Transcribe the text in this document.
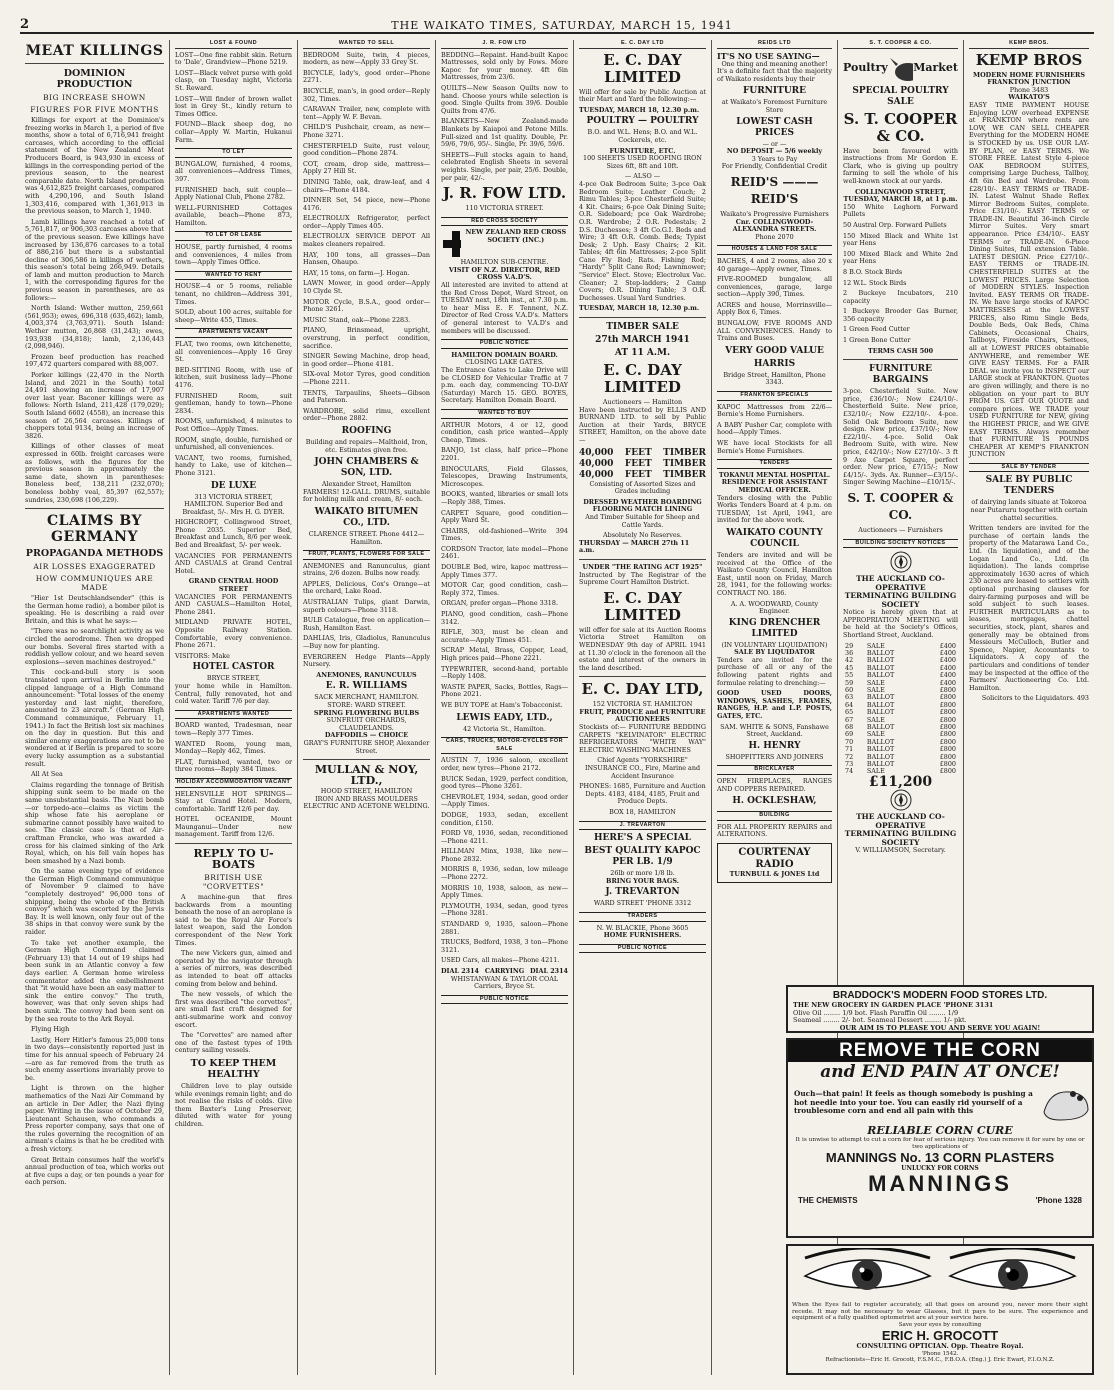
2	THE WAIKATO TIMES, SATURDAY, MARCH 15, 1941
MEAT KILLINGS
DOMINION PRODUCTION
BIG INCREASE SHOWN
FIGURES FOR FIVE MONTHS
Killings for export at the Dominion's freezing works in March 1, a period of five months, show a total of 6,716,941 freight carcases, which according to the official statement of the New Zealand Meat Producers Board, is 943,930 in excess of killings in the corresponding period of the previous season, to the nearest comparable date. North Island production was 4,612,825 freight carcases, compared with 4,290,196, and South Island 1,303,416, compared with 1,361,913 in the previous season, to March 1, 1940.
Lamb killings have reached a total of 5,761,817, or 906,303 carcases above that of the previous season. Ewe killings have increased by 136,876 carcases to a total of 886,216 but there is a substantial decline of 306,586 in killings of wethers, this season's total being 266,949. Details of lamb and mutton production to March 1, with the corresponding figures for the previous season in parentheses, are as follows:—
North Island: Wether mutton, 259,661 (561,953); ewes, 696,318 (635,462); lamb, 4,003,374 (3,763,971). South Island: Wether mutton, 26,868 (31,243); ewes, 193,938 (34,818); lamb, 2,136,443 (2,098,946).
Frozen beef production has reached 197,472 quarters compared with 88,007.
Porker killings (22,470 in the North Island, and 2021 in the South) total 24,491 showing an increase of 17,907 over last year. Baconer killings were as follows: North Island, 211,428 (179,029); South Island 6602 (4558), an increase this season of 26,564 carcases. Killings of choppers total 9134, being an increase of 3826.
Killings of other classes of meat expressed in 60lb. freight carcases were as follows, with the figures for the previous season in approximately the same date, shown in parentheses: Boneless beef, 138,211 (232,070); boneless bobby veal, 85,397 (62,557); sundries, 230,698 (106,229).
CLAIMS BY GERMANY
PROPAGANDA METHODS
AIR LOSSES EXAGGERATED
HOW COMMUNIQUES ARE MADE
"Hier 1st Deutschlandsender" (this is the German home radio), a bomber pilot is speaking. He is describing a raid over Britain, and this is what he says:—
"There was no searchlight activity as we circled the aerodrome. Then we dropped our bombs. Several fires started with a reddish yellow colour, and we heard seven explosions—seven machines destroyed."
This cock-and-bull story is soon translated upon arrival in Berlin into the clipped language of a High Command announcement: "Total losses of the enemy yesterday and last night, therefore, amounted to 23 aircraft." (German High Command communique, February 11, 1941.) In fact the British lost six machines on the day in question. But this and similar enemy exaggerations are not to be wondered at if Berlin is prepared to score every lucky assumption as a substantial result.
All At Sea
Claims regarding the tonnage of British shipping sunk seem to be made on the same unsubstantial basis. The Nazi bomb—or torpedo-ace—claims as victim the ship whose fate his aeroplane or submarine cannot possibly have waited to see. The classic case is that of Air-craftman Francke, who was awarded a cross for his claimed sinking of the Ark Royal, which, on his fell vain hopes has been smashed by a Nazi bomb.
On the same evening type of evidence the German High Command communique of November 9 claimed to have "completely destroyed" 96,000 tons of shipping, being the whole of the British convoy" which was escorted by the Jervis Bay. It is well known, only four out of the 38 ships in that convoy were sunk by the raider.
To take yet another example, the German High Command claimed (February 13) that 14 out of 19 ships had been sunk in an Atlantic convoy a few days earlier. A German home wireless commentator added the embellishment that "it would have been an easy matter to sink the entire convoy." The truth, however, was that only seven ships had been sunk. The convoy had been sent on by the sea route to the Ark Royal.
Flying High
Lastly, Herr Hitler's famous 25,000 tons in two days—consistently reported just in time for his annual speech of February 24—are as far removed from the truth as such enemy assertions invariably prove to be.
Light is thrown on the higher mathematics of the Nazi Air Command by an article in Der Adler, the Nazi flying paper. Writing in the issue of October 29, Lieutenant Schausen, who commands a Press reporter company, says that one of the rules governing the recognition of an airman's claims is that he be credited with a fresh victory.
Great Britain consumes half the world's annual production of tea, which works out at five cups a day, or ten pounds a year for each person.
LOST & FOUND
LOST—One fine rabbit skin. Return to 'Dale', Grandview—Phone 5219.
LOST—Black velvet purse with gold clasp, on Tuesday night, Victoria St. Reward.
LOST—Will finder of brown wallet lost in Grey St., kindly return to Times Office.
FOUND—Black sheep dog, no collar—Apply W. Martin, Hukanui Farm.
TO LET
BUNGALOW, furnished, 4 rooms, all conveniences—Address Times, 397.
FURNISHED bach, suit couple—Apply National Club, Phone 2782.
WELL-FURNISHED Cottages available, beach—Phone 873, Hamilton.
TO LET OR LEASE
HOUSE, partly furnished, 4 rooms and conveniences, 4 miles from town—Apply Times Office.
WANTED TO RENT
HOUSE—4 or 5 rooms, reliable tenant, no children—Address 391, Times.
SOLD, about 100 acres, suitable for sheep—Write 455, Times.
APARTMENTS VACANT
FLAT, two rooms, own kitchenette, all conveniences—Apply 16 Grey St.
BED-SITTING Room, with use of kitchen, suit business lady—Phone 4176.
FURNISHED Room, suit gentleman, handy to town—Phone 2834.
ROOMS, unfurnished, 4 minutes to Post Office—Apply Times.
ROOM, single, double, furnished or unfurnished, all conveniences.
VACANT, two rooms, furnished, handy to Lake, use of kitchen—Phone 3121.
DE LUXE
313 VICTORIA STREET, HAMILTON. Superior Bed and Breakfast, 5/-. Mrs H. G. DYER.
HIGHCROFT, Collingwood Street, Phone 2035. Superior Bed, Breakfast and Lunch, 8/6 per week. Bed and Breakfast, 5/- per week.
VACANCIES FOR PERMANENTS AND CASUALS at Grand Central Hotel.
GRAND CENTRAL HOOD STREET
VACANCIES FOR PERMANENTS AND CASUALS—Hamilton Hotel, Phone 2841.
MIDLAND PRIVATE HOTEL, Opposite Railway Station. Comfortable, every convenience. Phone 2671.
VISITORS: Make
HOTEL CASTOR
BRYCE STREET,
your home while in Hamilton. Central, fully renovated, hot and cold water. Tariff 7/6 per day.
APARTMENTS WANTED
BOARD wanted, Tradesman, near town—Reply 377 Times.
WANTED Room, young man, Monday—Reply 462, Times.
FLAT, furnished, wanted, two or three rooms—Reply 384 Times.
HOLIDAY ACCOMMODATION VACANT
HELENSVILLE HOT SPRINGS—Stay at Grand Hotel. Modern, comfortable. Tariff 12/6 per day.
HOTEL OCEANIDE, Mount Maunganui—Under new management. Tariff from 12/6.
REPLY TO U-BOATS
BRITISH USE "CORVETTES"
A machine-gun that fires backwards from a mounting beneath the nose of an aeroplane is said to be the Royal Air Force's latest weapon, said the London correspondent of the New York Times.
The new Vickers gun, aimed and operated by the navigator through a series of mirrors, was described as intended to beat off attacks coming from below and behind.
The new vessels, of which the first was described "the corvettes", are small fast craft designed for anti-submarine work and convoy escort.
The "Corvettes" are named after one of the fastest types of 19th century sailing vessels.
TO KEEP THEM HEALTHY
Children love to play outside while evenings remain light; and do not realise the risks of colds. Give them Baxter's Lung Preserver, diluted with water for young children.
WANTED TO SELL
BEDROOM Suite, twin, 4 pieces, modern, as new—Apply 33 Grey St.
BICYCLE, lady's, good order—Phone 2271.
BICYCLE, man's, in good order—Reply 302, Times.
CARAVAN Trailer, new, complete with tent—Apply W. F. Bevan.
CHILD'S Pushchair, cream, as new—Phone 3271.
CHESTERFIELD Suite, rust velour, good condition—Phone 2874.
COT, cream, drop side, mattress—Apply 27 Hill St.
DINING Table, oak, draw-leaf, and 4 chairs—Phone 4184.
DINNER Set, 54 piece, new—Phone 4176.
ELECTROLUX Refrigerator, perfect order—Apply Times 405.
ELECTROLUX SERVICE DEPOT All makes cleaners repaired.
HAY, 100 tons, all grasses—Dan Hansen, Ohaupo.
HAY, 15 tons, on farm—J. Hogan.
LAWN Mower, in good order—Apply 10 Clyde St.
MOTOR Cycle, B.S.A., good order—Phone 3261.
MUSIC Stand, oak—Phone 2283.
PIANO, Brinsmead, upright, overstrung, in perfect condition, sacrifice.
SINGER Sewing Machine, drop head, in good order—Phone 4181.
SIX-oval Motor Tyres, good condition—Phone 2211.
TENTS, Tarpaulins, Sheets—Gibson and Paterson.
WARDROBE, solid rimu, excellent order—Phone 2882.
ROOFING
Building and repairs—Malthoid, Iron, etc. Estimates given free.
JOHN CHAMBERS & SON, LTD.
Alexander Street, Hamilton
FARMERS! 12-GALL. DRUMS, suitable for holding milk and cream, 8/- each.
WAIKATO BITUMEN CO., LTD.
CLARENCE STREET. Phone 4412—Hamilton.
FRUIT, PLANTS, FLOWERS FOR SALE
ANEMONES and Ranunculus, giant strains, 2/6 dozen. Bulbs now ready.
APPLES, Delicious, Cox's Orange—at the orchard, Lake Road.
AUSTRALIAN Tulips, giant Darwin, superb colours—Phone 3118.
BULB Catalogue, free on application—Rush, Hamilton East.
DAHLIAS, Iris, Gladiolus, Ranunculus—Buy now for planting.
EVERGREEN Hedge Plants—Apply Nursery.
ANEMONES, RANUNCULUS
E. R. WILLIAMS
SACK MERCHANT, HAMILTON. STORE: WARD STREET.
SPRING FLOWERING BULBS
SUNFRUIT ORCHARDS, CLAUDELANDS.
DAFFODILS — CHOICE
GRAY'S FURNITURE SHOP, Alexander Street.
MULLAN & NOY, LTD.,
HOOD STREET, HAMILTON
IRON AND BRASS MOULDERS
ELECTRIC AND ACETONE WELDING.
J. R. FOW LTD
BEDDING—Repaint. Hand-built Kapoc Mattresses, sold only by Fows. More Kapoc for your money. 4ft 6in Mattresses, from 23/6.
QUILTS—New Season Quilts now to hand. Choose yours while selection is good. Single Quilts from 39/6. Double Quilts from 47/6.
BLANKETS—New Zealand-made Blankets by Kaiapoi and Petone Mills. Full-sized and 1st quality. Double, Pr. 59/6, 79/6, 95/-. Single, Pr. 39/6, 59/6.
SHEETS—Full stocks again to hand, celebrated English Sheets in several weights. Single, per pair, 25/6. Double, per pair, 42/-.
J. R. FOW LTD.
110 VICTORIA STREET.
RED CROSS SOCIETY
NEW ZEALAND RED CROSS SOCIETY (INC.)
HAMILTON SUB-CENTRE.
VISIT OF N.Z. DIRECTOR, RED CROSS V.A.D'S.
All interested are invited to attend at the Red Cross Depot, Ward Street, on TUESDAY next, 18th inst., at 7.30 p.m. to hear Miss E. F. Tennent, N.Z. Director of Red Cross V.A.D's. Matters of general interest to V.A.D's and members will be discussed.
PUBLIC NOTICE
HAMILTON DOMAIN BOARD.
CLOSING LAKE GATES.
The Entrance Gates to Lake Drive will be CLOSED for Vehicular Traffic at 7 p.m. each day, commencing TO-DAY (Saturday) March 15. GEO. BOYES, Secretary. Hamilton Domain Board.
WANTED TO BUY
ARTHUR Motors, 4 or 12, good condition, cash price wanted—Apply Cheap, Times.
BANJO, 1st class, half price—Phone 2201.
BINOCULARS, Field Glasses, Telescopes, Drawing Instruments, Microscopes.
BOOKS, wanted, libraries or small lots—Reply 388, Times.
CARPET Square, good condition—Apply Ward St.
CHAIRS, old-fashioned—Write 394 Times.
CORDSON Tractor, late model—Phone 2461.
DOUBLE Bed, wire, kapoc mattress—Apply Times 377.
MOTOR Car, good condition, cash—Reply 372, Times.
ORGAN, prefer organ—Phone 3318.
PIANO, good condition, cash—Phone 3142.
RIFLE, 303, must be clean and accurate—Apply Times 451.
SCRAP Metal, Brass, Copper, Lead, High prices paid—Phone 2221.
TYPEWRITER, second-hand, portable—Reply 1408.
WASTE PAPER, Sacks, Bottles, Rags—Phone 2021.
WE BUY TOPE at Ham's Tobacconist.
LEWIS EADY, LTD.,
42 Victoria St., Hamilton.
CARS, TRUCKS, MOTOR-CYCLES FOR SALE
AUSTIN 7, 1936 saloon, excellent order, new tyres—Phone 2172.
BUICK Sedan, 1929, perfect condition, good tyres—Phone 3261.
CHEVROLET, 1934, sedan, good order—Apply Times.
DODGE, 1933, sedan, excellent condition, £150.
FORD V8, 1936, sedan, reconditioned—Phone 4211.
HILLMAN Minx, 1938, like new—Phone 2832.
MORRIS 8, 1936, sedan, low mileage—Phone 2272.
MORRIS 10, 1938, saloon, as new—Apply Times.
PLYMOUTH, 1934, sedan, good tyres—Phone 3281.
STANDARD 9, 1935, saloon—Phone 2881.
TRUCKS, Bedford, 1938, 3 ton—Phone 3121.
USED Cars, all makes—Phone 4211.
DIAL 2314 CARRYING DIAL 2314
WHISTANWAN & TAYLOR COAL Carriers, Bryce St.
PUBLIC NOTICE
E. C. DAY LTD
E. C. DAY LIMITED
Will offer for sale by Public Auction at their Mart and Yard the following:—
TUESDAY, MARCH 18, 12.30 p.m.
POULTRY — POULTRY
B.O. and W.L. Hens; B.O. and W.L. Cockerels, etc.
FURNITURE, ETC.
100 SHEETS USED ROOFING IRON Sizes 6ft, 8ft and 10ft.
— ALSO —
4-pce Oak Bedroom Suite; 3-pce Oak Bedroom Suite; Leather Couch; 2 Rimu Tables; 3-pce Chesterfield Suite; 4 Kit. Chairs; 6-pce Oak Dining Suite; O.R. Sideboard; pce Oak Wardrobe; O.R. Wardrobe; 2 O.R. Pedestals; 2 D.S. Duchesses; 3 4ft Co.G.I. Beds and Wire; 3 4ft O.R. Comb. Beds; Typist Desk; 2 Uph. Easy Chairs; 2 Kit. Tables; 4ft 6in Mattresses; 2-pce Split Cane Fly Rod; Rats. Fishing Rod; "Hardy" Split Cane Rod; Lawnmower; "Service" Elect. Stove; Electrolux Vac. Cleaner; 2 Step-ladders; 2 Camp Covers; O.R. Dining Table; 3 O.R. Duchesses. Usual Yard Sundries.
TUESDAY, MARCH 18, 12.30 p.m.
TIMBER SALE
27th MARCH 1941
AT 11 A.M.
E. C. DAY LIMITED
Auctioneers — Hamilton
Have been instructed by ELLIS AND BURNAND LTD. to sell by Public Auction at their Yards, BRYCE STREET, Hamilton, on the above date—
40,000 FEET TIMBER
40,000 FEET TIMBER
40,000 FEET TIMBER
Consisting of Assorted Sizes and Grades including
DRESSED WEATHER BOARDING FLOORING MATCH LINING
And Timber Suitable for Sheep and Cattle Yards.
Absolutely No Reserves.
THURSDAY — MARCH 27th 11 a.m.
UNDER "THE RATING ACT 1925"
Instructed by The Registrar of the Supreme Court Hamilton District.
E. C. DAY LIMITED
will offer for sale at its Auction Rooms Victoria Street Hamilton on WEDNESDAY 9th day of APRIL 1941 at 11.30 o'clock in the forenoon all the estate and interest of the owners in the land described.
E. C. DAY LTD,
152 VICTORIA ST. HAMILTON
FRUIT, PRODUCE and FURNITURE AUCTIONEERS
Stockists of:— FURNITURE BEDDING CARPETS "KELVINATOR" ELECTRIC REFRIGERATORS "WHITE WAY" ELECTRIC WASHING MACHINES
Chief Agents "YORKSHIRE" INSURANCE CO., Fire, Marine and Accident Insurance
PHONES: 1685, Furniture and Auction Depts. 4183, 4184, 4185, Fruit and Produce Depts.
BOX 18, HAMILTON
J. TREVARTON
HERE'S A SPECIAL
BEST QUALITY KAPOC PER LB. 1/9
26lb or more 1/8 lb.
BRING YOUR BAGS.
J. TREVARTON
WARD STREET 'PHONE 3312
TRADERS
N. W. BLACKIE, Phone 3605
HOME FURNISHERS.
PUBLIC NOTICE
REIDS LTD
IT'S NO USE SAYING—
One thing and meaning another!
It's a definite fact that the majority of Waikato residents buy their
FURNITURE
at Waikato's Foremost Furniture Store
LOWEST CASH PRICES
— or —
NO DEPOSIT — 5/6 weekly
3 Years to Pay
For Friendly, Confidential Credit
REID'S ——— REID'S
Waikato's Progressive Furnishers
Cnr. COLLINGWOOD-ALEXANDRA STREETS.
Phone 2070
HOUSES & LAND FOR SALE
BACHES, 4 and 2 rooms, also 20 x 40 garage—Apply owner, Times.
FIVE-ROOMED bungalow, all conveniences, garage, large section—Apply 390, Times.
ACRES and house, Morrinsville—Apply Box 6, Times.
BUNGALOW, FIVE ROOMS AND ALL CONVENIENCES. Handy to Trains and Buses.
VERY GOOD VALUE
HARRIS
Bridge Street, Hamilton, Phone 3343.
FRANKTON SPECIALS
KAPOC Mattresses from 22/6—Bernie's Home Furnishers.
A BABY Pusher Car, complete with hood—Apply Times.
WE have local Stockists for all Bernie's Home Furnishers.
TENDERS
TOKANUI MENTAL HOSPITAL. RESIDENCE FOR ASSISTANT MEDICAL OFFICER.
Tenders closing with the Public Works Tenders Board at 4 p.m. on TUESDAY, 1st April, 1941, are invited for the above work.
WAIKATO COUNTY COUNCIL
Tenders are invited and will be received at the Office of the Waikato County Council, Hamilton East, until noon on Friday, March 28, 1941, for the following works: CONTRACT NO. 186.
A. A. WOODWARD, County Engineer.
KING DRENCHER LIMITED
(IN VOLUNTARY LIQUIDATION)
SALE BY LIQUIDATOR
Tenders are invited for the purchase of all or any of the following patent rights and formulae relating to drenching:—
GOOD USED DOORS, WINDOWS, SASHES, FRAMES, RANGES, H.P. and L.P. POSTS, GATES, ETC.
SAM. WHITE & SONS, Fanshawe Street, Auckland.
H. HENRY
SHOPFITTERS AND JOINERS
BRICKLAYER
OPEN FIREPLACES, RANGES AND COPPERS REPAIRED.
H. OCKLESHAW,
BUILDING
FOR ALL PROPERTY REPAIRS and ALTERATIONS.
COURTENAY RADIO
TURNBULL & JONES Ltd
S. T. COOPER & CO.
Poultry Market
SPECIAL POULTRY SALE
S. T. COOPER & CO.
Have been favoured with instructions from Mr Gordon E. Clark, who is giving up poultry farming to sell the whole of his well-known stock at our yards.
COLLINGWOOD STREET, TUESDAY, MARCH 18, at 1 p.m.
150 White Leghorn Forward Pullets
50 Austral Orp. Forward Pullets
150 Mixed Black and White 1st year Hens
100 Mixed Black and White 2nd year Hens
8 B.O. Stock Birds
12 W.L. Stock Birds
2 Buckeye Incubators, 210 capacity
1 Buckeye Brooder Gas Burner, 356 capacity
1 Green Feed Cutter
1 Green Bone Cutter
TERMS CASH 500
FURNITURE BARGAINS
3-pce. Chesterfield Suite. New price, £36/10/-; Now £24/10/-. Chesterfield Suite. New price, £32/10/-; Now £22/10/-. 4-pce. Solid Oak Bedroom Suite, new design. New price, £37/10/-; Now £22/10/-. 4-pce. Solid Oak Bedroom Suite, with wire. New price, £42/10/-; Now £27/10/-. 3 ft 9 Axe Carpet Square, perfect order. New price, £7/15/-; Now £4/15/-. 3yds. Ax. Runner—£3/15/-. Singer Sewing Machine—£10/15/-.
S. T. COOPER & CO.
Auctioneers — Furnishers
BUILDING SOCIETY NOTICES
THE AUCKLAND CO-OPERATIVE TERMINATING BUILDING SOCIETY
Notice is hereby given that at APPROPRIATION MEETING will be held at the Society's Offices, Shortland Street, Auckland.
29	SALE	£400
36	BALLOT	£400
42	BALLOT	£400
45	BALLOT	£400
55	BALLOT	£400
59	SALE	£400
60	SALE	£800
63	BALLOT	£800
64	BALLOT	£800
65	BALLOT	£800
67	SALE	£800
68	BALLOT	£800
69	SALE	£800
70	BALLOT	£800
71	BALLOT	£800
72	BALLOT	£800
73	BALLOT	£800
74	SALE	£800
£11,200
THE AUCKLAND CO-OPERATIVE TERMINATING BUILDING SOCIETY
V. WILLIAMSON, Secretary.
KEMP BROS.
KEMP BROS
MODERN HOME FURNISHERS FRANKTON JUNCTION
Phone 3483
WAIKATO'S
EASY TIME PAYMENT HOUSE Enjoying LOW overhead EXPENSE at FRANKTON where rents are LOW, WE CAN SELL CHEAPER Everything for the MODERN HOME is STOCKED by us. USE OUR LAY-BY PLAN, or EASY TERMS. We STORE FREE. Latest Style 4-piece OAK BEDROOM SUITES, comprising Large Duchess, Tallboy, 4ft 6in Bed and Wardrobe. From £28/10/-. EASY TERMS or TRADE-IN. Latest Walnut Shade Reflex Mirror Bedroom Suites, complete. Price £31/10/-. EASY TERMS or TRADE-IN. Beautiful 36-inch Circle Mirror Suites. Very smart appearance. Price £34/10/-. EASY TERMS or TRADE-IN. 6-Piece Dining Suites, full extension Table. LATEST DESIGN. Price £27/10/-. EASY TERMS or TRADE-IN. CHESTERFIELD SUITES at the LOWEST PRICES. Large Selection of MODERN STYLES. Inspection Invited. EASY TERMS OR TRADE-IN. We have large stocks of KAPOC MATTRESSES at the LOWEST PRICES, also Rimu Single Beds, Double Beds, Oak Beds, China Cabinets, Occasional Chairs, Tallboys, Fireside Chairs, Settees, all at LOWEST PRICES obtainable ANYWHERE, and remember WE GIVE EASY TERMS. For a FAIR DEAL we invite you to INSPECT our LARGE stock at FRANKTON. Quotes are given willingly, and there is no obligation on your part to BUY FROM US. GET OUR QUOTE and compare prices. WE TRADE your USED FURNITURE for NEW, giving the HIGHEST PRICE, and WE GIVE EASY TERMS. Always remember that FURNITURE IS POUNDS CHEAPER AT KEMP'S FRANKTON JUNCTION
SALE BY TENDER
SALE BY PUBLIC TENDERS
of dairying lands situate at Tokoroa near Putaruru together with certain chattel securities.
Written tenders are invited for the purchase of certain lands the property of the Matarawa Land Co., Ltd. (In liquidation), and of the Logan Land Co., Ltd. (In liquidation). The lands comprise approximately 1630 acres of which 230 acres are leased to settlers with optional purchasing clauses for dairy-farming purposes and will be sold subject to such leases. FURTHER PARTICULARS as to leases, mortgages, chattel securities, stock, plant, shares and generally may be obtained from Messieurs McCulloch, Butler and Spence, Napier, Accountants to Liquidators. A copy of the particulars and conditions of tender may be inspected at the office of the Farmers' Auctioneering Co. Ltd. Hamilton.
Solicitors to the Liquidators. 493
BRADDOCK'S MODERN FOOD STORES LTD.
THE NEW GROCERY IN GARDEN PLACE 'PHONE 3131
Olive Oil ........ 1/9 bot. Flash Paraffin Oil ........ 1/9
Seameal ........ 2/- bot. Seameal Dessert ........ 1/- pkt.
OUR AIM IS TO PLEASE YOU AND SERVE YOU AGAIN!
REMOVE THE CORN
and END PAIN AT ONCE!
Ouch—that pain! It feels as though somebody is pushing a hot needle into your toe. You can easily rid yourself of a troublesome corn and end all pain with this
RELIABLE CORN CURE
It is unwise to attempt to cut a corn for fear of serious injury. You can remove it for sure by one or two applications of
MANNINGS No. 13 CORN PLASTERS
UNLUCKY FOR CORNS
MANNINGS
THE CHEMISTS	'Phone 1328
When the Eyes fail to register accurately, all that goes on around you, never more their sight recede. It may not be necessary to wear Glasses, but it pays to be sure. The experience and equipment of a fully qualified optometrist are at your service here.
Save your eyes by consulting
ERIC H. GROCOTT
CONSULTING OPTICIAN. Opp. Theatre Royal.
'Phone 1542.
Refractionists—Eric H. Grocott, F.S.M.C., F.B.O.A. (Eng.) J. Eric Ewart, F.I.O.N.Z.
